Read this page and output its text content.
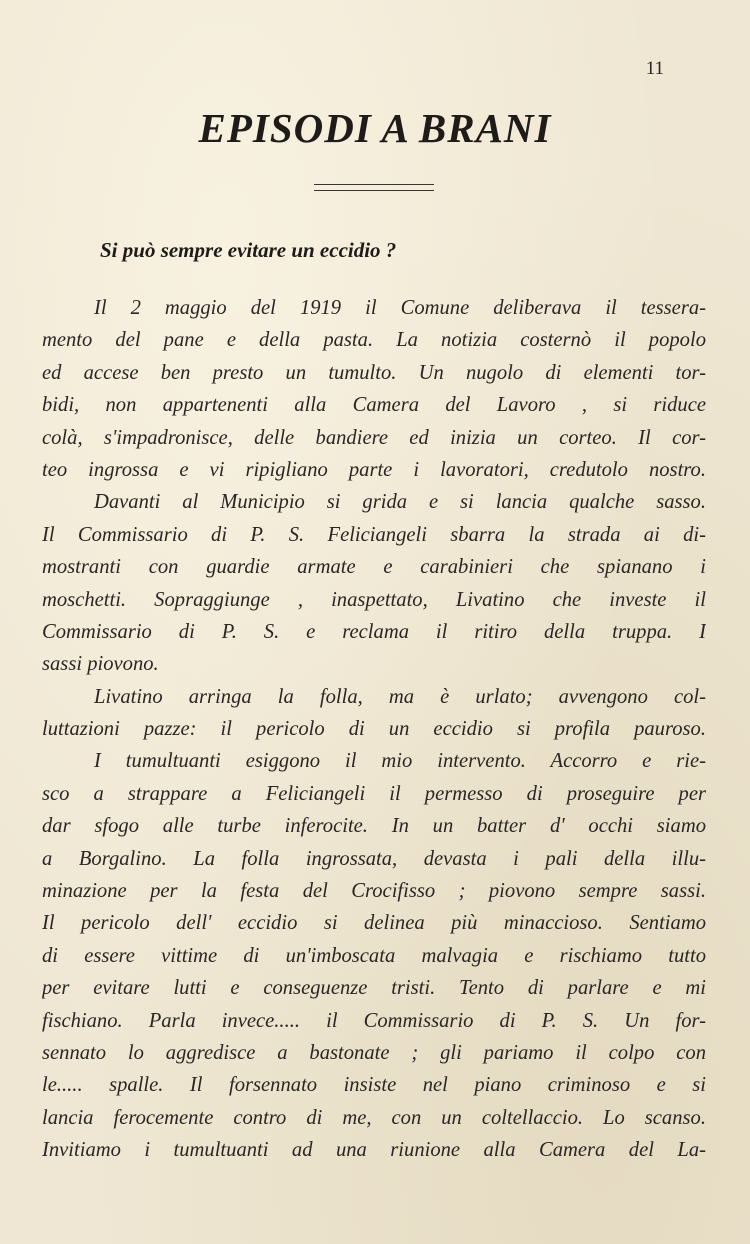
11
EPISODI A BRANI
Si può sempre evitare un eccidio ?
Il 2 maggio del 1919 il Comune deliberava il tessera-
mento del pane e della pasta. La notizia costernò il popolo
ed accese ben presto un tumulto. Un nugolo di elementi tor-
bidi, non appartenenti alla Camera del Lavoro , si riduce
colà, s'impadronisce, delle bandiere ed inizia un corteo. Il cor-
teo ingrossa e vi ripigliano parte i lavoratori, credutolo nostro.
Davanti al Municipio si grida e si lancia qualche sasso.
Il Commissario di P. S. Feliciangeli sbarra la strada ai di-
mostranti con guardie armate e carabinieri che spianano i
moschetti. Sopraggiunge , inaspettato, Livatino che investe il
Commissario di P. S. e reclama il ritiro della truppa. I
sassi piovono.
Livatino arringa la folla, ma è urlato; avvengono col-
luttazioni pazze: il pericolo di un eccidio si profila pauroso.
I tumultuanti esiggono il mio intervento. Accorro e rie-
sco a strappare a Feliciangeli il permesso di proseguire per
dar sfogo alle turbe inferocite. In un batter d' occhi siamo
a Borgalino. La folla ingrossata, devasta i pali della illu-
minazione per la festa del Crocifisso ; piovono sempre sassi.
Il pericolo dell' eccidio si delinea più minaccioso. Sentiamo
di essere vittime di un'imboscata malvagia e rischiamo tutto
per evitare lutti e conseguenze tristi. Tento di parlare e mi
fischiano. Parla invece..... il Commissario di P. S. Un for-
sennato lo aggredisce a bastonate ; gli pariamo il colpo con
le..... spalle. Il forsennato insiste nel piano criminoso e si
lancia ferocemente contro di me, con un coltellaccio. Lo scanso.
Invitiamo i tumultuanti ad una riunione alla Camera del La-
